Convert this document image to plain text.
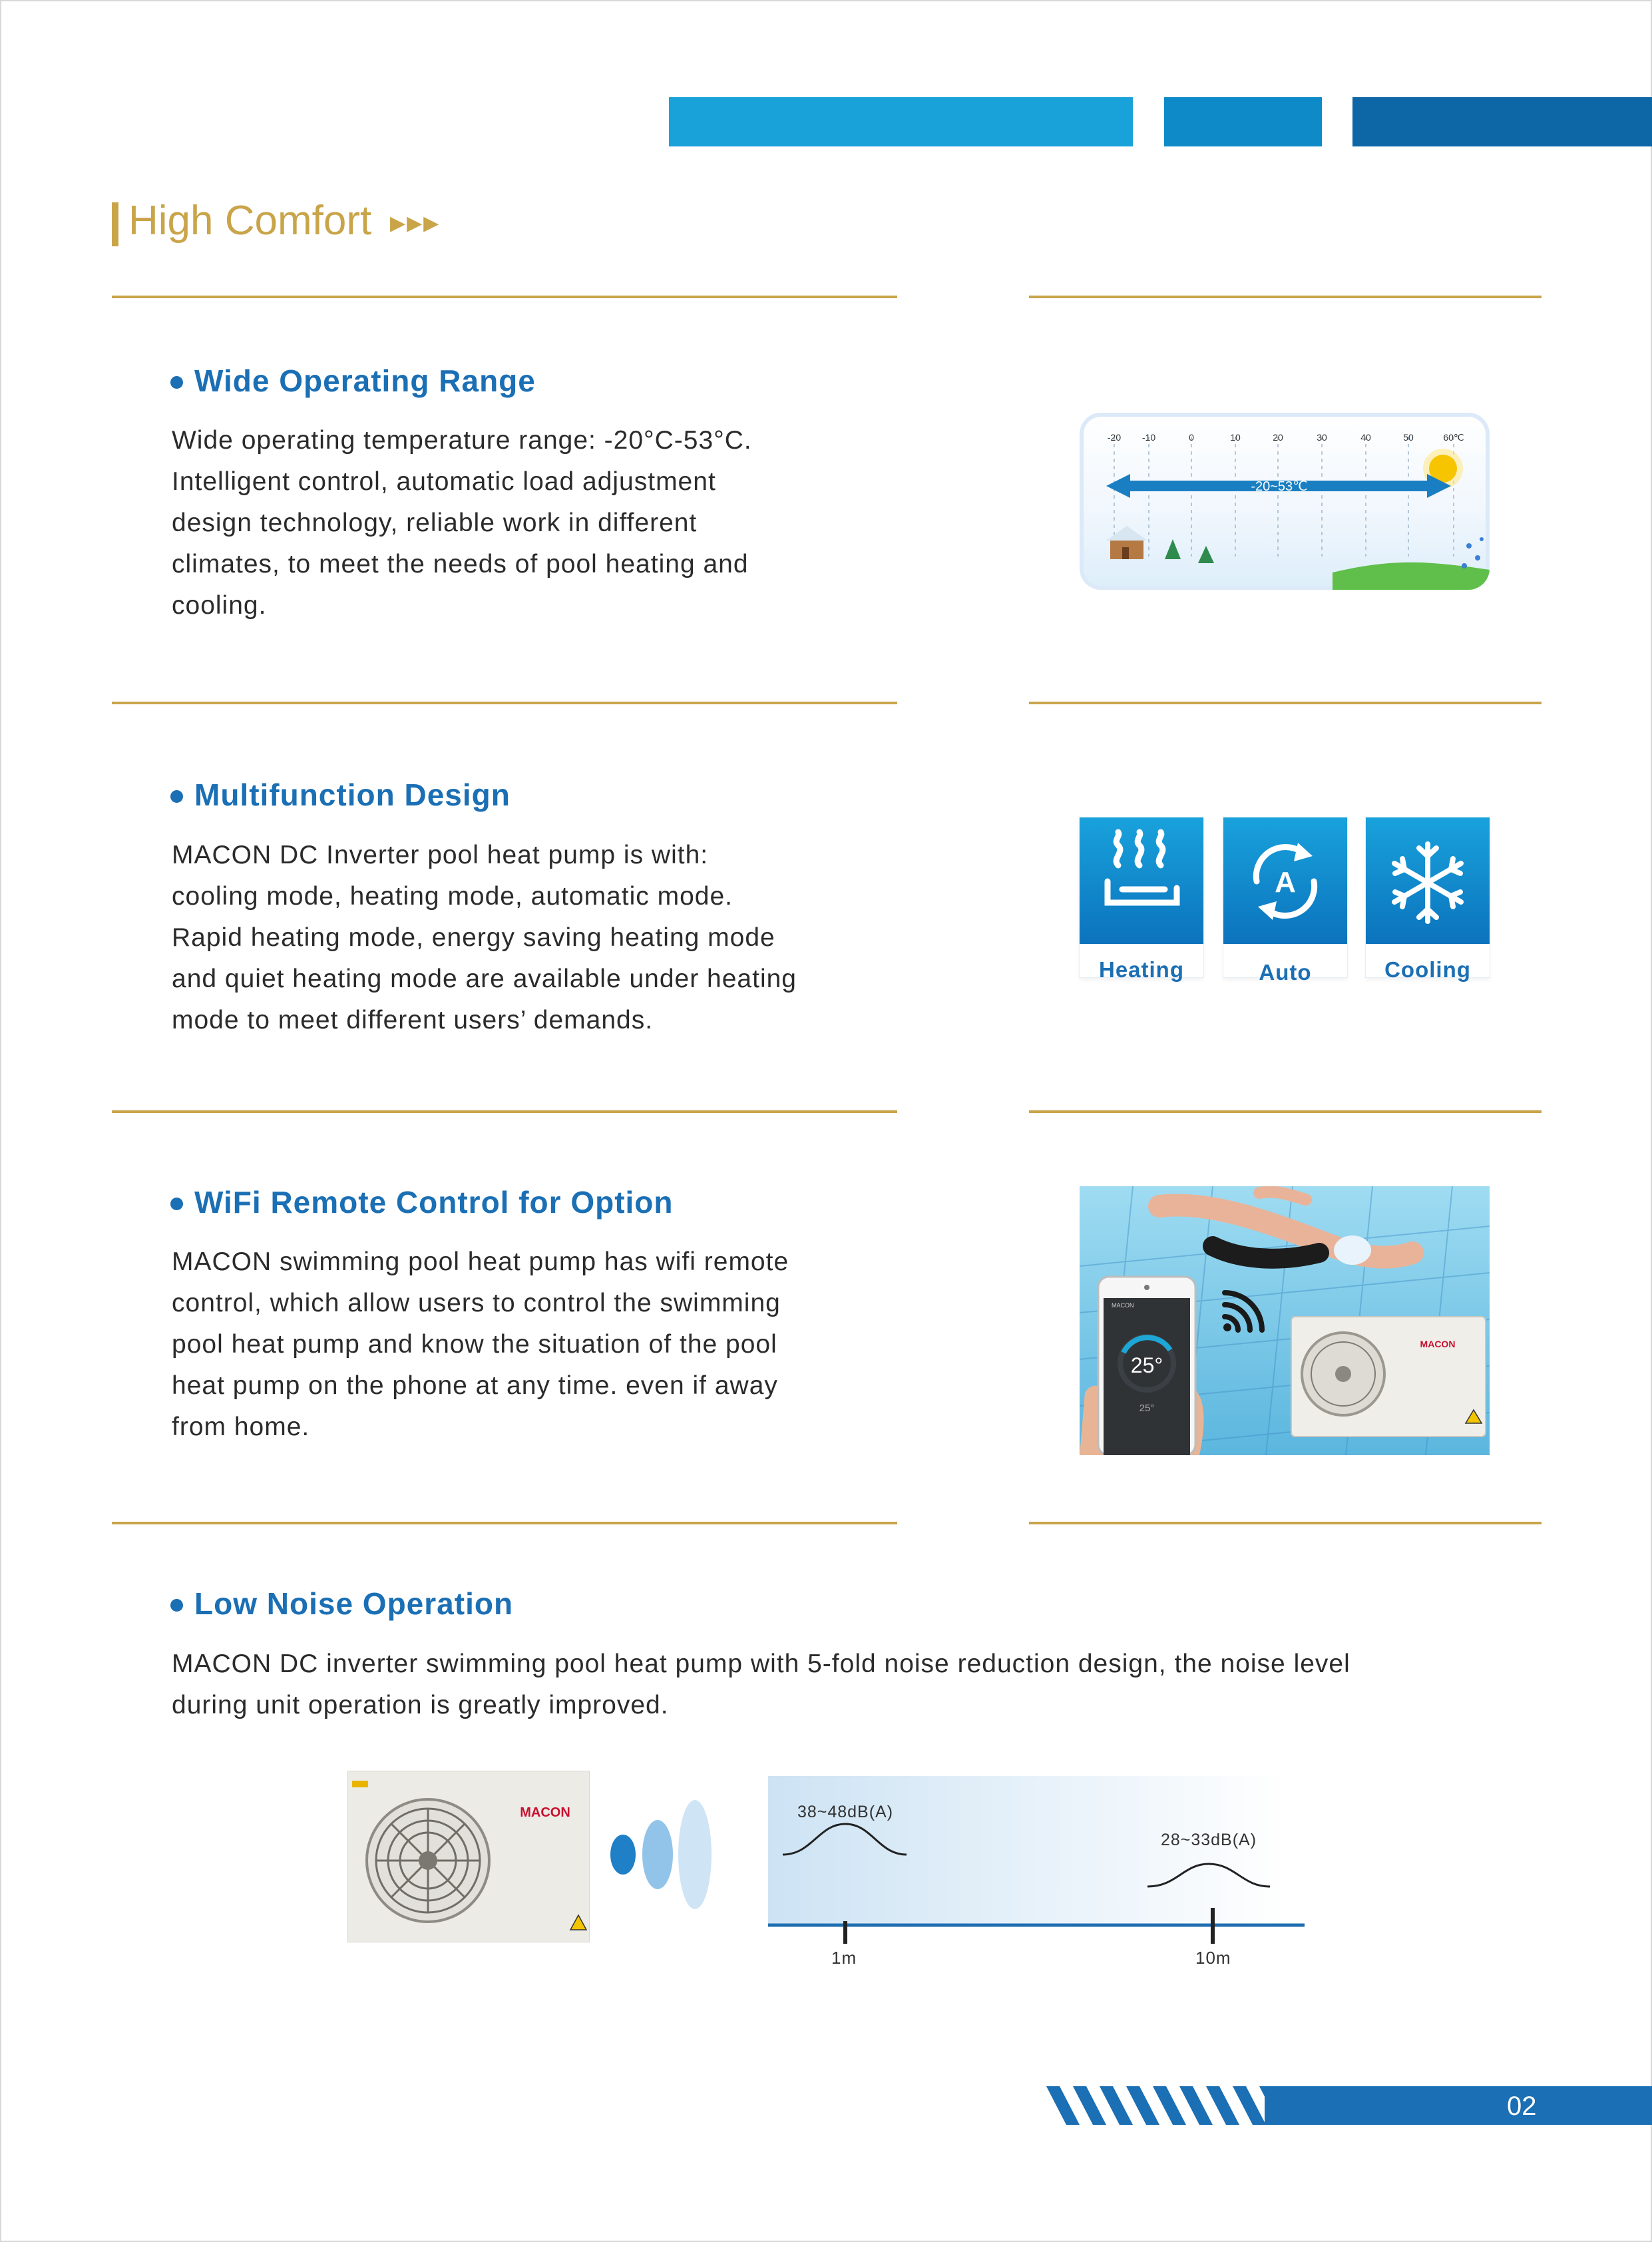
High Comfort ▶▶▶
Wide Operating Range
Wide operating temperature range: -20°C-53°C.
Intelligent control, automatic load adjustment
design technology, reliable work in different
climates, to meet the needs of pool heating and
cooling.
-20 -10	0	10	20	30	40	50	60℃
-20~53℃
Multifunction Design
MACON DC Inverter pool heat pump is with:
cooling mode, heating mode, automatic mode.
Rapid heating mode, energy saving heating mode
and quiet heating mode are available under heating
mode to meet different users’ demands.
A
Heating	Auto	Cooling
WiFi Remote Control for Option
MACON swimming pool heat pump has wifi remote
control, which allow users to control the swimming
pool heat pump and know the situation of the pool
heat pump on the phone at any time. even if away
from home.
MACON
MACON
25°
25°
Low Noise Operation
MACON DC inverter swimming pool heat pump with 5-fold noise reduction design, the noise level
during unit operation is greatly improved.
MACON	38~48dB(A)
28~33dB(A)
1m	10m
02
